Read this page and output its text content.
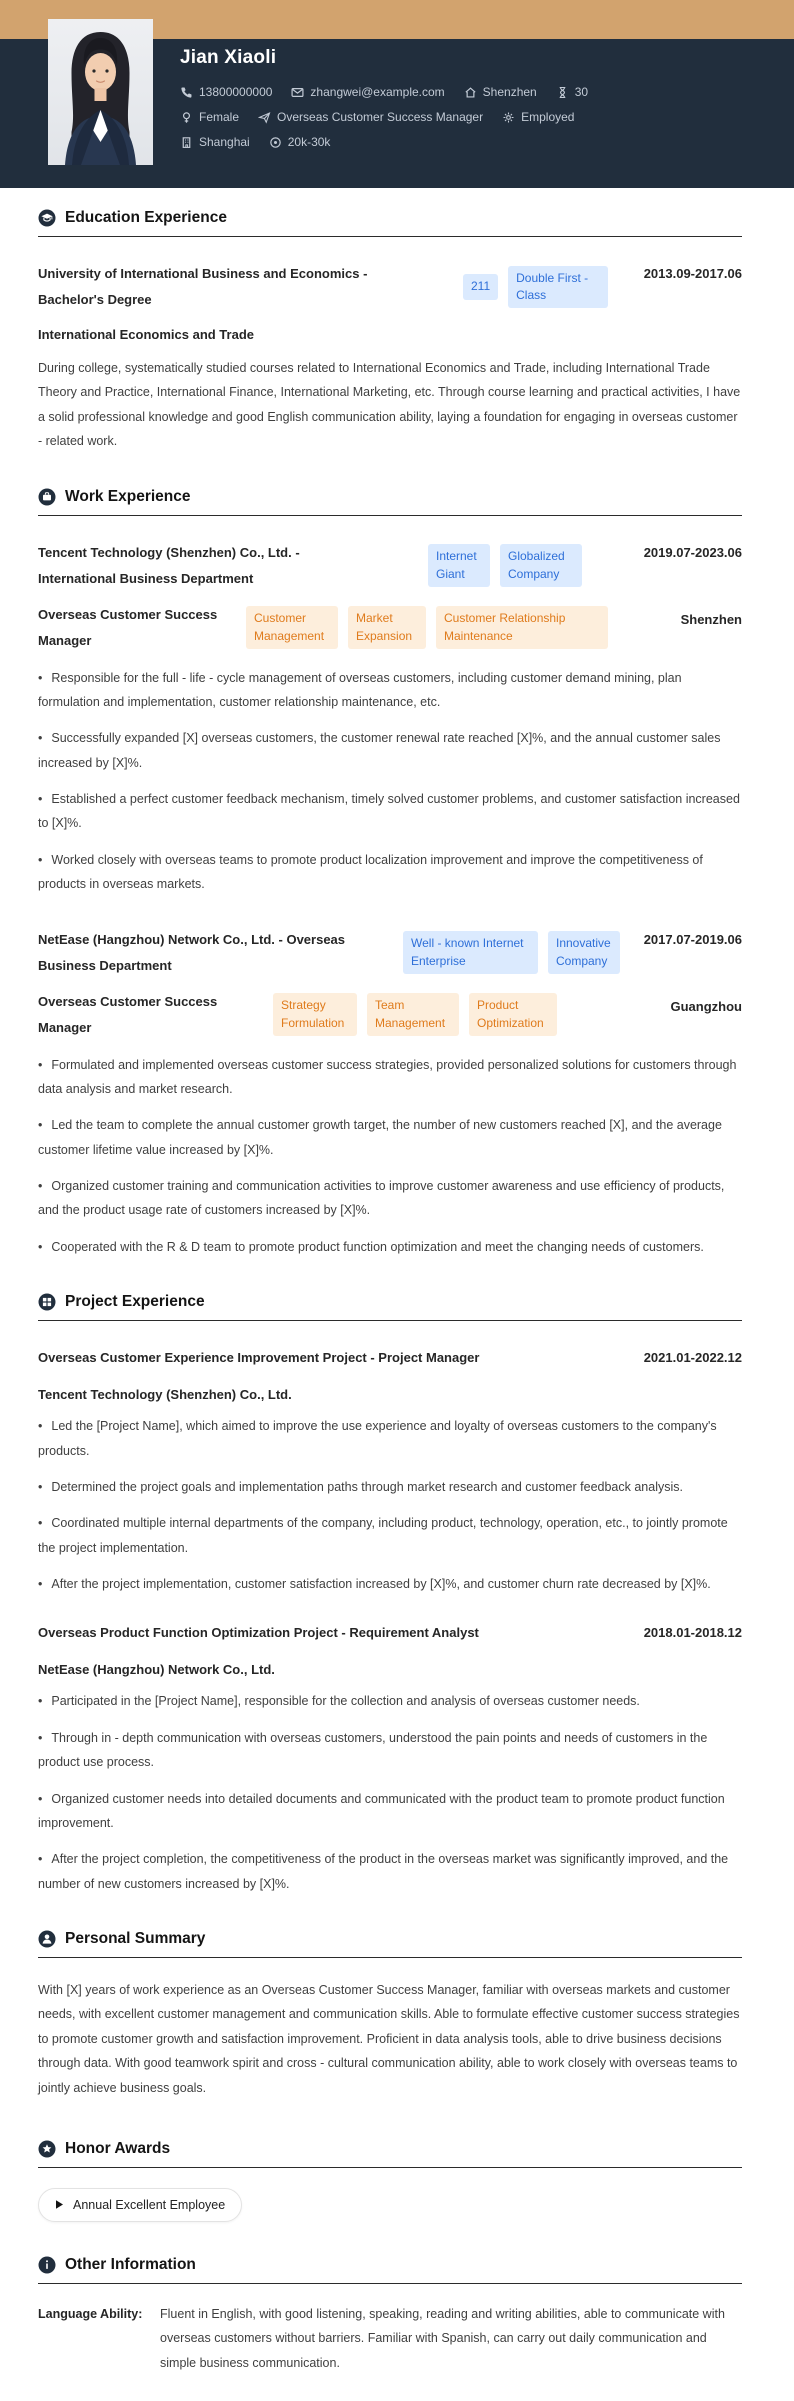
Jian Xiaoli
13800000000	zhangwei@example.com	Shenzhen	30
Female	Overseas Customer Success Manager	Employed
Shanghai	20k-30k
Education Experience
University of International Business and Economics - Bachelor's Degree
211
Double First - Class
2013.09-2017.06
International Economics and Trade

During college, systematically studied courses related to International Economics and Trade, including International Trade Theory and Practice, International Finance, International Marketing, etc. Through course learning and practical activities, I have a solid professional knowledge and good English communication ability, laying a foundation for engaging in overseas customer - related work.

Work Experience
Tencent Technology (Shenzhen) Co., Ltd. - International Business Department
Internet Giant
Globalized Company
2019.07-2023.06
Overseas Customer Success Manager
Customer Management
Market Expansion
Customer Relationship Maintenance
Shenzhen

• Responsible for the full - life - cycle management of overseas customers, including customer demand mining, plan formulation and implementation, customer relationship maintenance, etc.

• Successfully expanded [X] overseas customers, the customer renewal rate reached [X]%, and the annual customer sales increased by [X]%.

• Established a perfect customer feedback mechanism, timely solved customer problems, and customer satisfaction increased to [X]%.

• Worked closely with overseas teams to promote product localization improvement and improve the competitiveness of products in overseas markets.

NetEase (Hangzhou) Network Co., Ltd. - Overseas Business Department
Well - known Internet Enterprise
Innovative Company
2017.07-2019.06
Overseas Customer Success Manager
Strategy Formulation
Team Management
Product Optimization
Guangzhou

• Formulated and implemented overseas customer success strategies, provided personalized solutions for customers through data analysis and market research.

• Led the team to complete the annual customer growth target, the number of new customers reached [X], and the average customer lifetime value increased by [X]%.

• Organized customer training and communication activities to improve customer awareness and use efficiency of products, and the product usage rate of customers increased by [X]%.

• Cooperated with the R & D team to promote product function optimization and meet the changing needs of customers.

Project Experience
Overseas Customer Experience Improvement Project - Project Manager	2021.01-2022.12
Tencent Technology (Shenzhen) Co., Ltd.

• Led the [Project Name], which aimed to improve the use experience and loyalty of overseas customers to the company's products.

• Determined the project goals and implementation paths through market research and customer feedback analysis.

• Coordinated multiple internal departments of the company, including product, technology, operation, etc., to jointly promote the project implementation.

• After the project implementation, customer satisfaction increased by [X]%, and customer churn rate decreased by [X]%.

Overseas Product Function Optimization Project - Requirement Analyst	2018.01-2018.12
NetEase (Hangzhou) Network Co., Ltd.

• Participated in the [Project Name], responsible for the collection and analysis of overseas customer needs.

• Through in - depth communication with overseas customers, understood the pain points and needs of customers in the product use process.

• Organized customer needs into detailed documents and communicated with the product team to promote product function improvement.

• After the project completion, the competitiveness of the product in the overseas market was significantly improved, and the number of new customers increased by [X]%.

Personal Summary

With [X] years of work experience as an Overseas Customer Success Manager, familiar with overseas markets and customer needs, with excellent customer management and communication skills. Able to formulate effective customer success strategies to promote customer growth and satisfaction improvement. Proficient in data analysis tools, able to drive business decisions through data. With good teamwork spirit and cross - cultural communication ability, able to work closely with overseas teams to jointly achieve business goals.

Honor Awards
Annual Excellent Employee
Other Information
Language Ability:	Fluent in English, with good listening, speaking, reading and writing abilities, able to communicate with overseas customers without barriers. Familiar with Spanish, can carry out daily communication and simple business communication.
